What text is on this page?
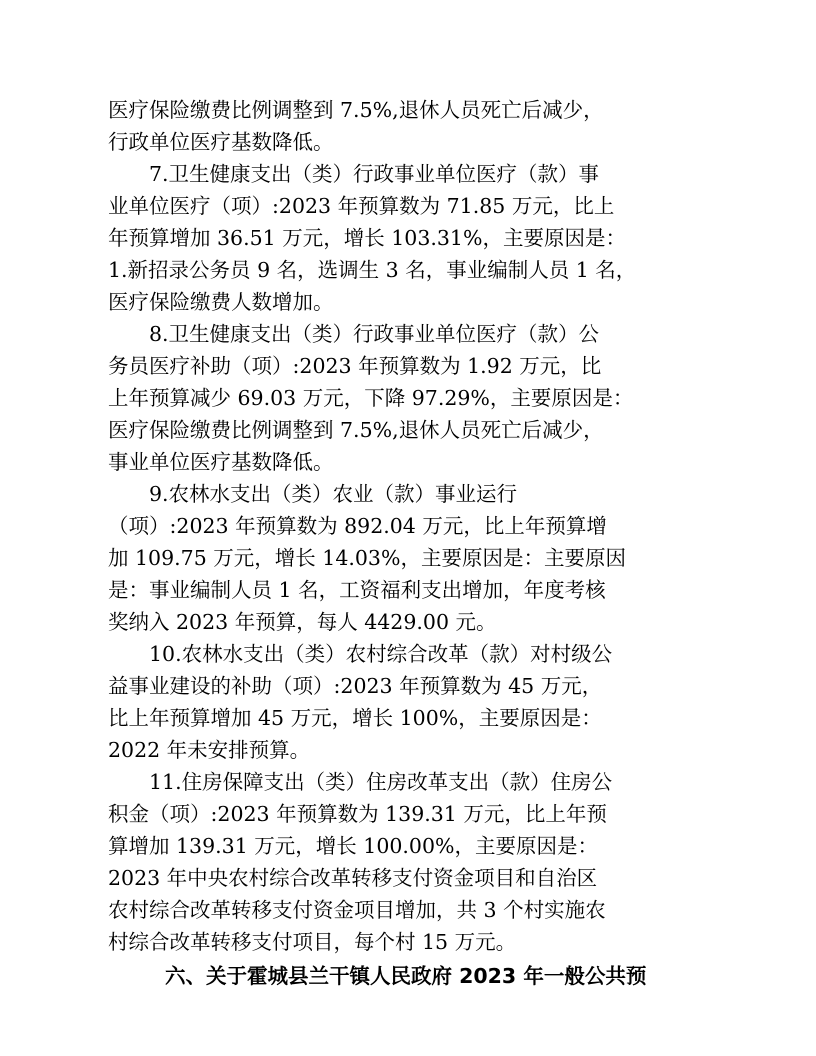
医疗保险缴费比例调整到 7.5%,退休人员死亡后减少，
行政单位医疗基数降低。
7.卫生健康支出（类）行政事业单位医疗（款）事
业单位医疗（项）:2023 年预算数为 71.85 万元，比上
年预算增加 36.51 万元，增长 103.31%，主要原因是：
1.新招录公务员 9 名，选调生 3 名，事业编制人员 1 名，
医疗保险缴费人数增加。
8.卫生健康支出（类）行政事业单位医疗（款）公
务员医疗补助（项）:2023 年预算数为 1.92 万元，比
上年预算减少 69.03 万元，下降 97.29%，主要原因是：
医疗保险缴费比例调整到 7.5%,退休人员死亡后减少，
事业单位医疗基数降低。
9.农林水支出（类）农业（款）事业运行
（项）:2023 年预算数为 892.04 万元，比上年预算增
加 109.75 万元，增长 14.03%，主要原因是：主要原因
是：事业编制人员 1 名，工资福利支出增加，年度考核
奖纳入 2023 年预算，每人 4429.00 元。
10.农林水支出（类）农村综合改革（款）对村级公
益事业建设的补助（项）:2023 年预算数为 45 万元，
比上年预算增加 45 万元，增长 100%，主要原因是：
2022 年未安排预算。
11.住房保障支出（类）住房改革支出（款）住房公
积金（项）:2023 年预算数为 139.31 万元，比上年预
算增加 139.31 万元，增长 100.00%，主要原因是：
2023 年中央农村综合改革转移支付资金项目和自治区
农村综合改革转移支付资金项目增加，共 3 个村实施农
村综合改革转移支付项目，每个村 15 万元。
六、关于霍城县兰干镇人民政府 2023 年一般公共预
